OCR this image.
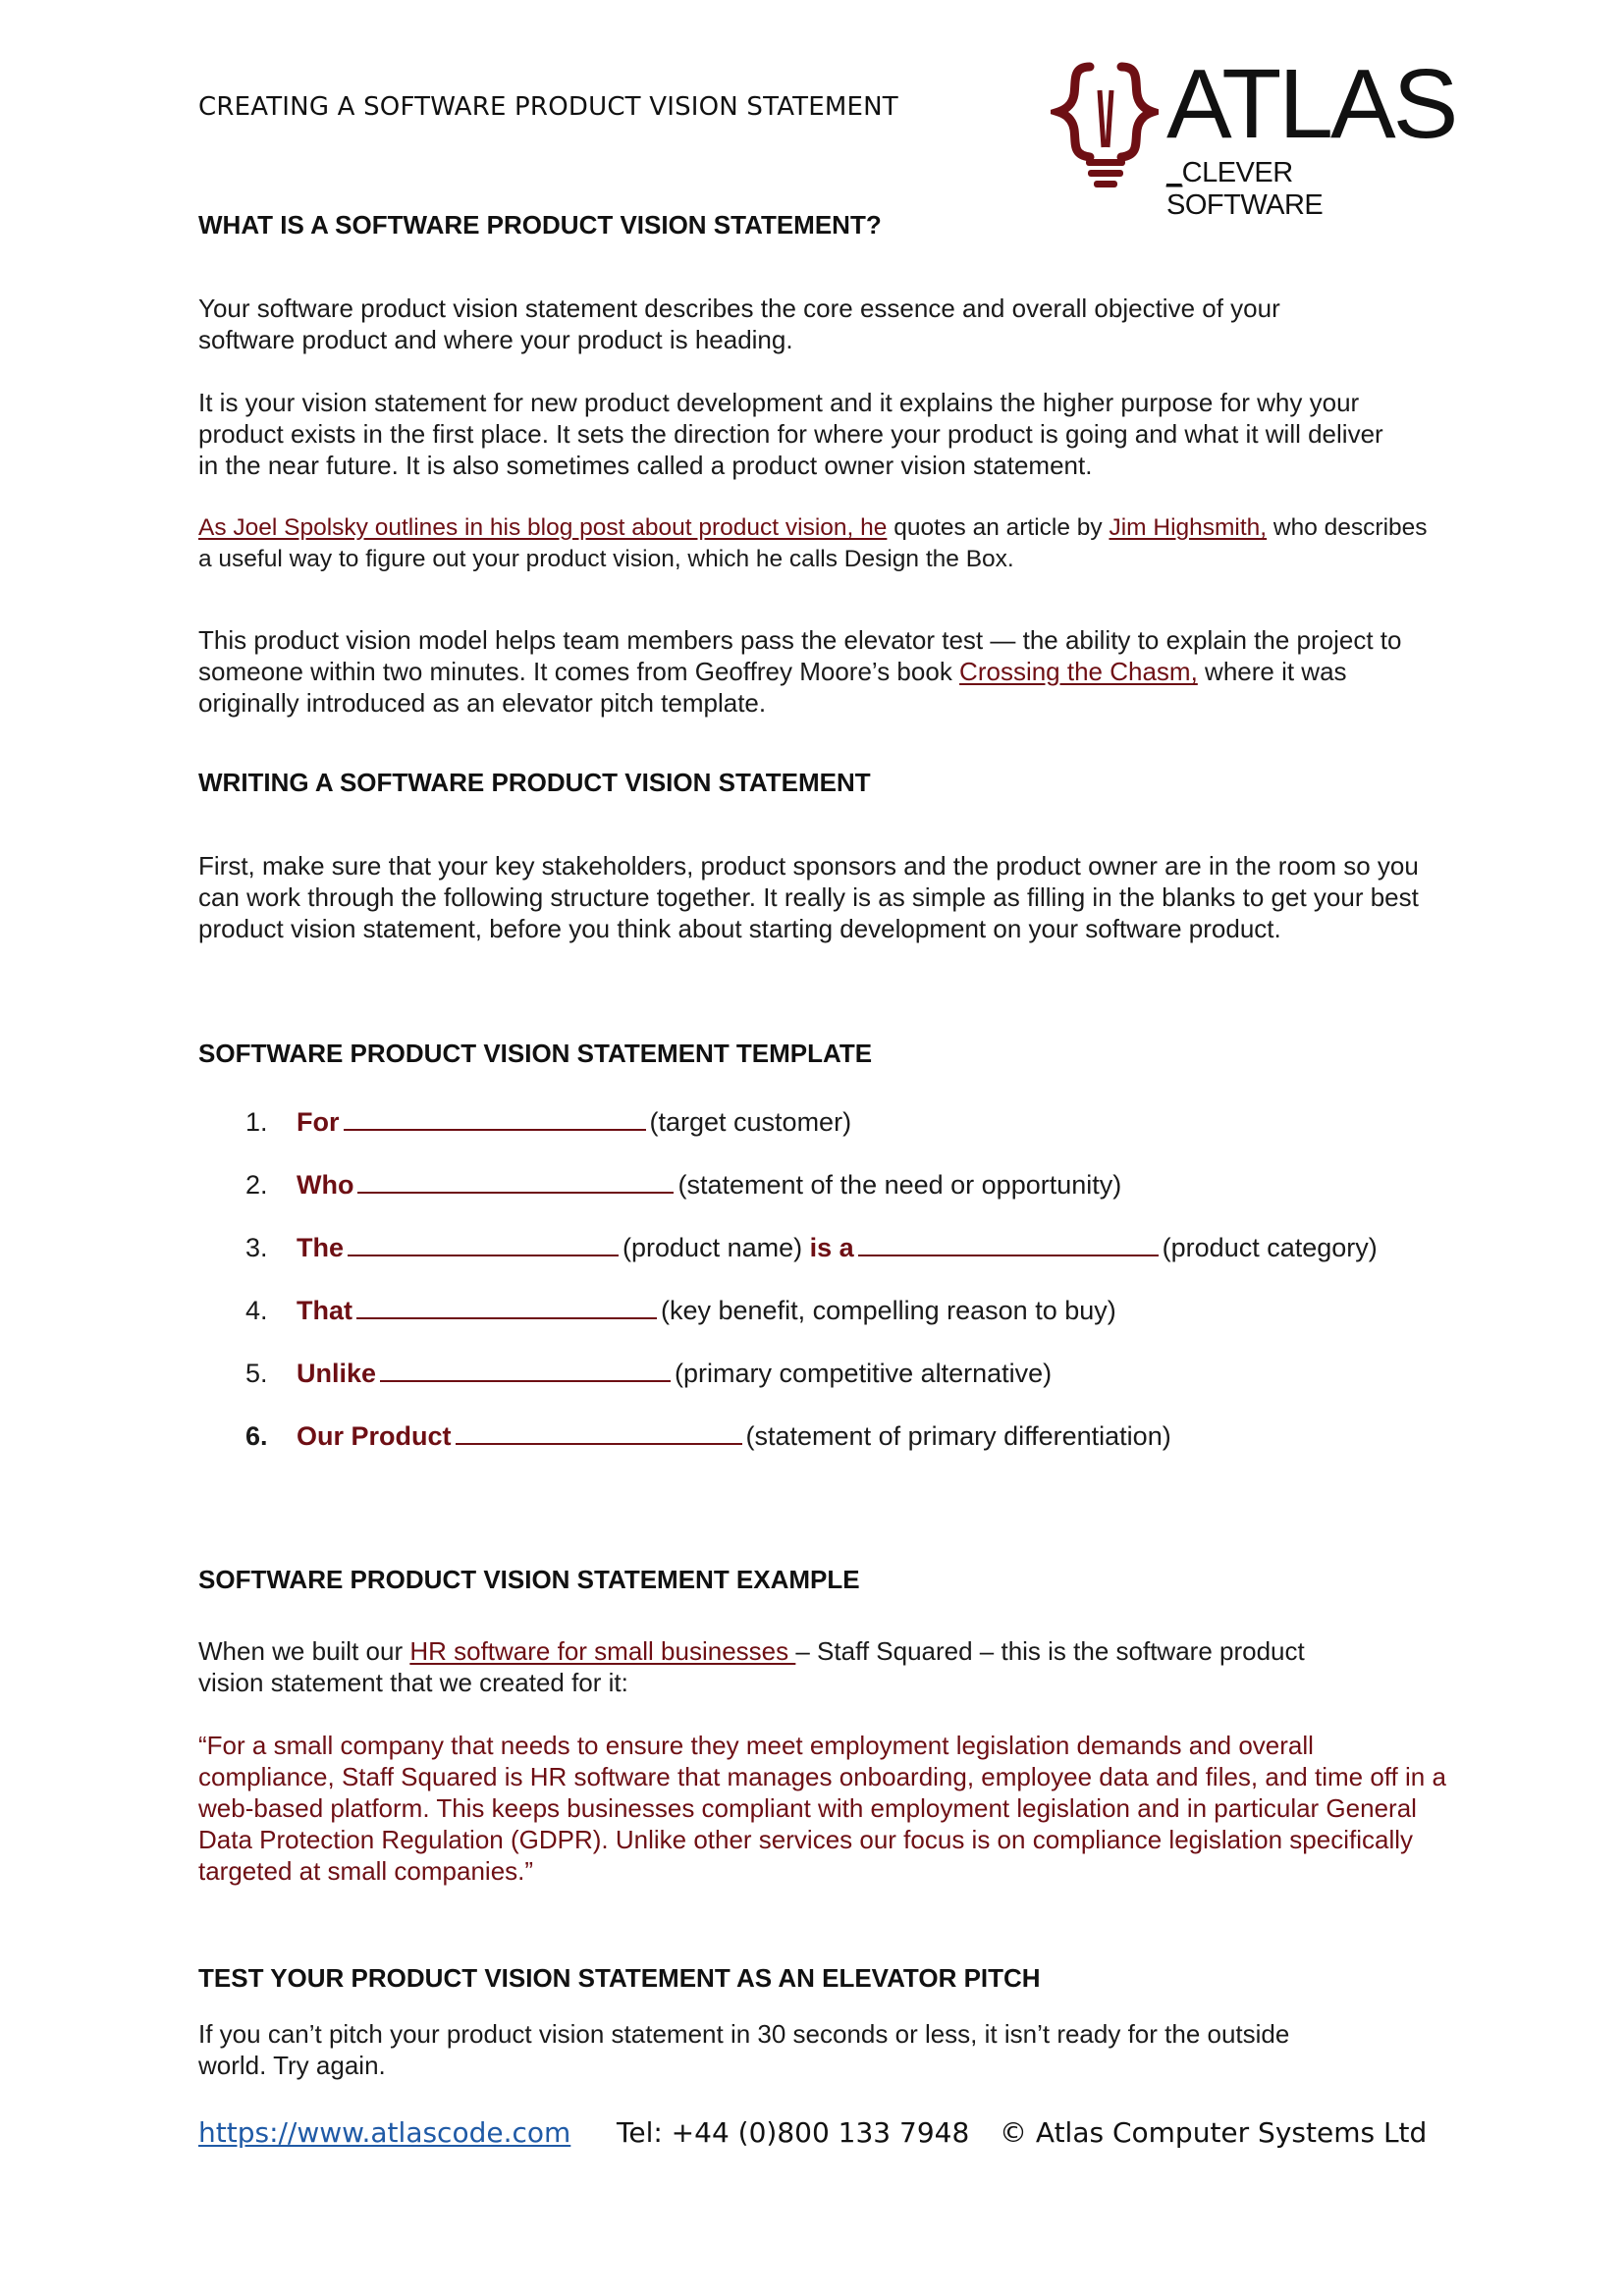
CREATING A SOFTWARE PRODUCT VISION STATEMENT	ATLAS
_CLEVER SOFTWARE
WHAT IS A SOFTWARE PRODUCT VISION STATEMENT?
Your software product vision statement describes the core essence and overall objective of your software product and where your product is heading.
It is your vision statement for new product development and it explains the higher purpose for why your product exists in the first place. It sets the direction for where your product is going and what it will deliver in the near future. It is also sometimes called a product owner vision statement.
As Joel Spolsky outlines in his blog post about product vision, he quotes an article by Jim Highsmith, who describes a useful way to figure out your product vision, which he calls Design the Box.
This product vision model helps team members pass the elevator test — the ability to explain the project to someone within two minutes. It comes from Geoffrey Moore’s book Crossing the Chasm, where it was originally introduced as an elevator pitch template.
WRITING A SOFTWARE PRODUCT VISION STATEMENT
First, make sure that your key stakeholders, product sponsors and the product owner are in the room so you can work through the following structure together. It really is as simple as filling in the blanks to get your best product vision statement, before you think about starting development on your software product.
SOFTWARE PRODUCT VISION STATEMENT TEMPLATE
1. For	(target customer)
2. Who	(statement of the need or opportunity)
3. The	(product name) is a	(product category)
4. That	(key benefit, compelling reason to buy)
5. Unlike	(primary competitive alternative)
6. Our Product	(statement of primary differentiation)
SOFTWARE PRODUCT VISION STATEMENT EXAMPLE
When we built our HR software for small businesses – Staff Squared – this is the software product vision statement that we created for it:
“For a small company that needs to ensure they meet employment legislation demands and overall compliance, Staff Squared is HR software that manages onboarding, employee data and files, and time off in a web-based platform. This keeps businesses compliant with employment legislation and in particular General Data Protection Regulation (GDPR). Unlike other services our focus is on compliance legislation specifically targeted at small companies.”
TEST YOUR PRODUCT VISION STATEMENT AS AN ELEVATOR PITCH
If you can’t pitch your product vision statement in 30 seconds or less, it isn’t ready for the outside world. Try again.
https://www.atlascode.com Tel: +44 (0)800 133 7948 © Atlas Computer Systems Ltd
